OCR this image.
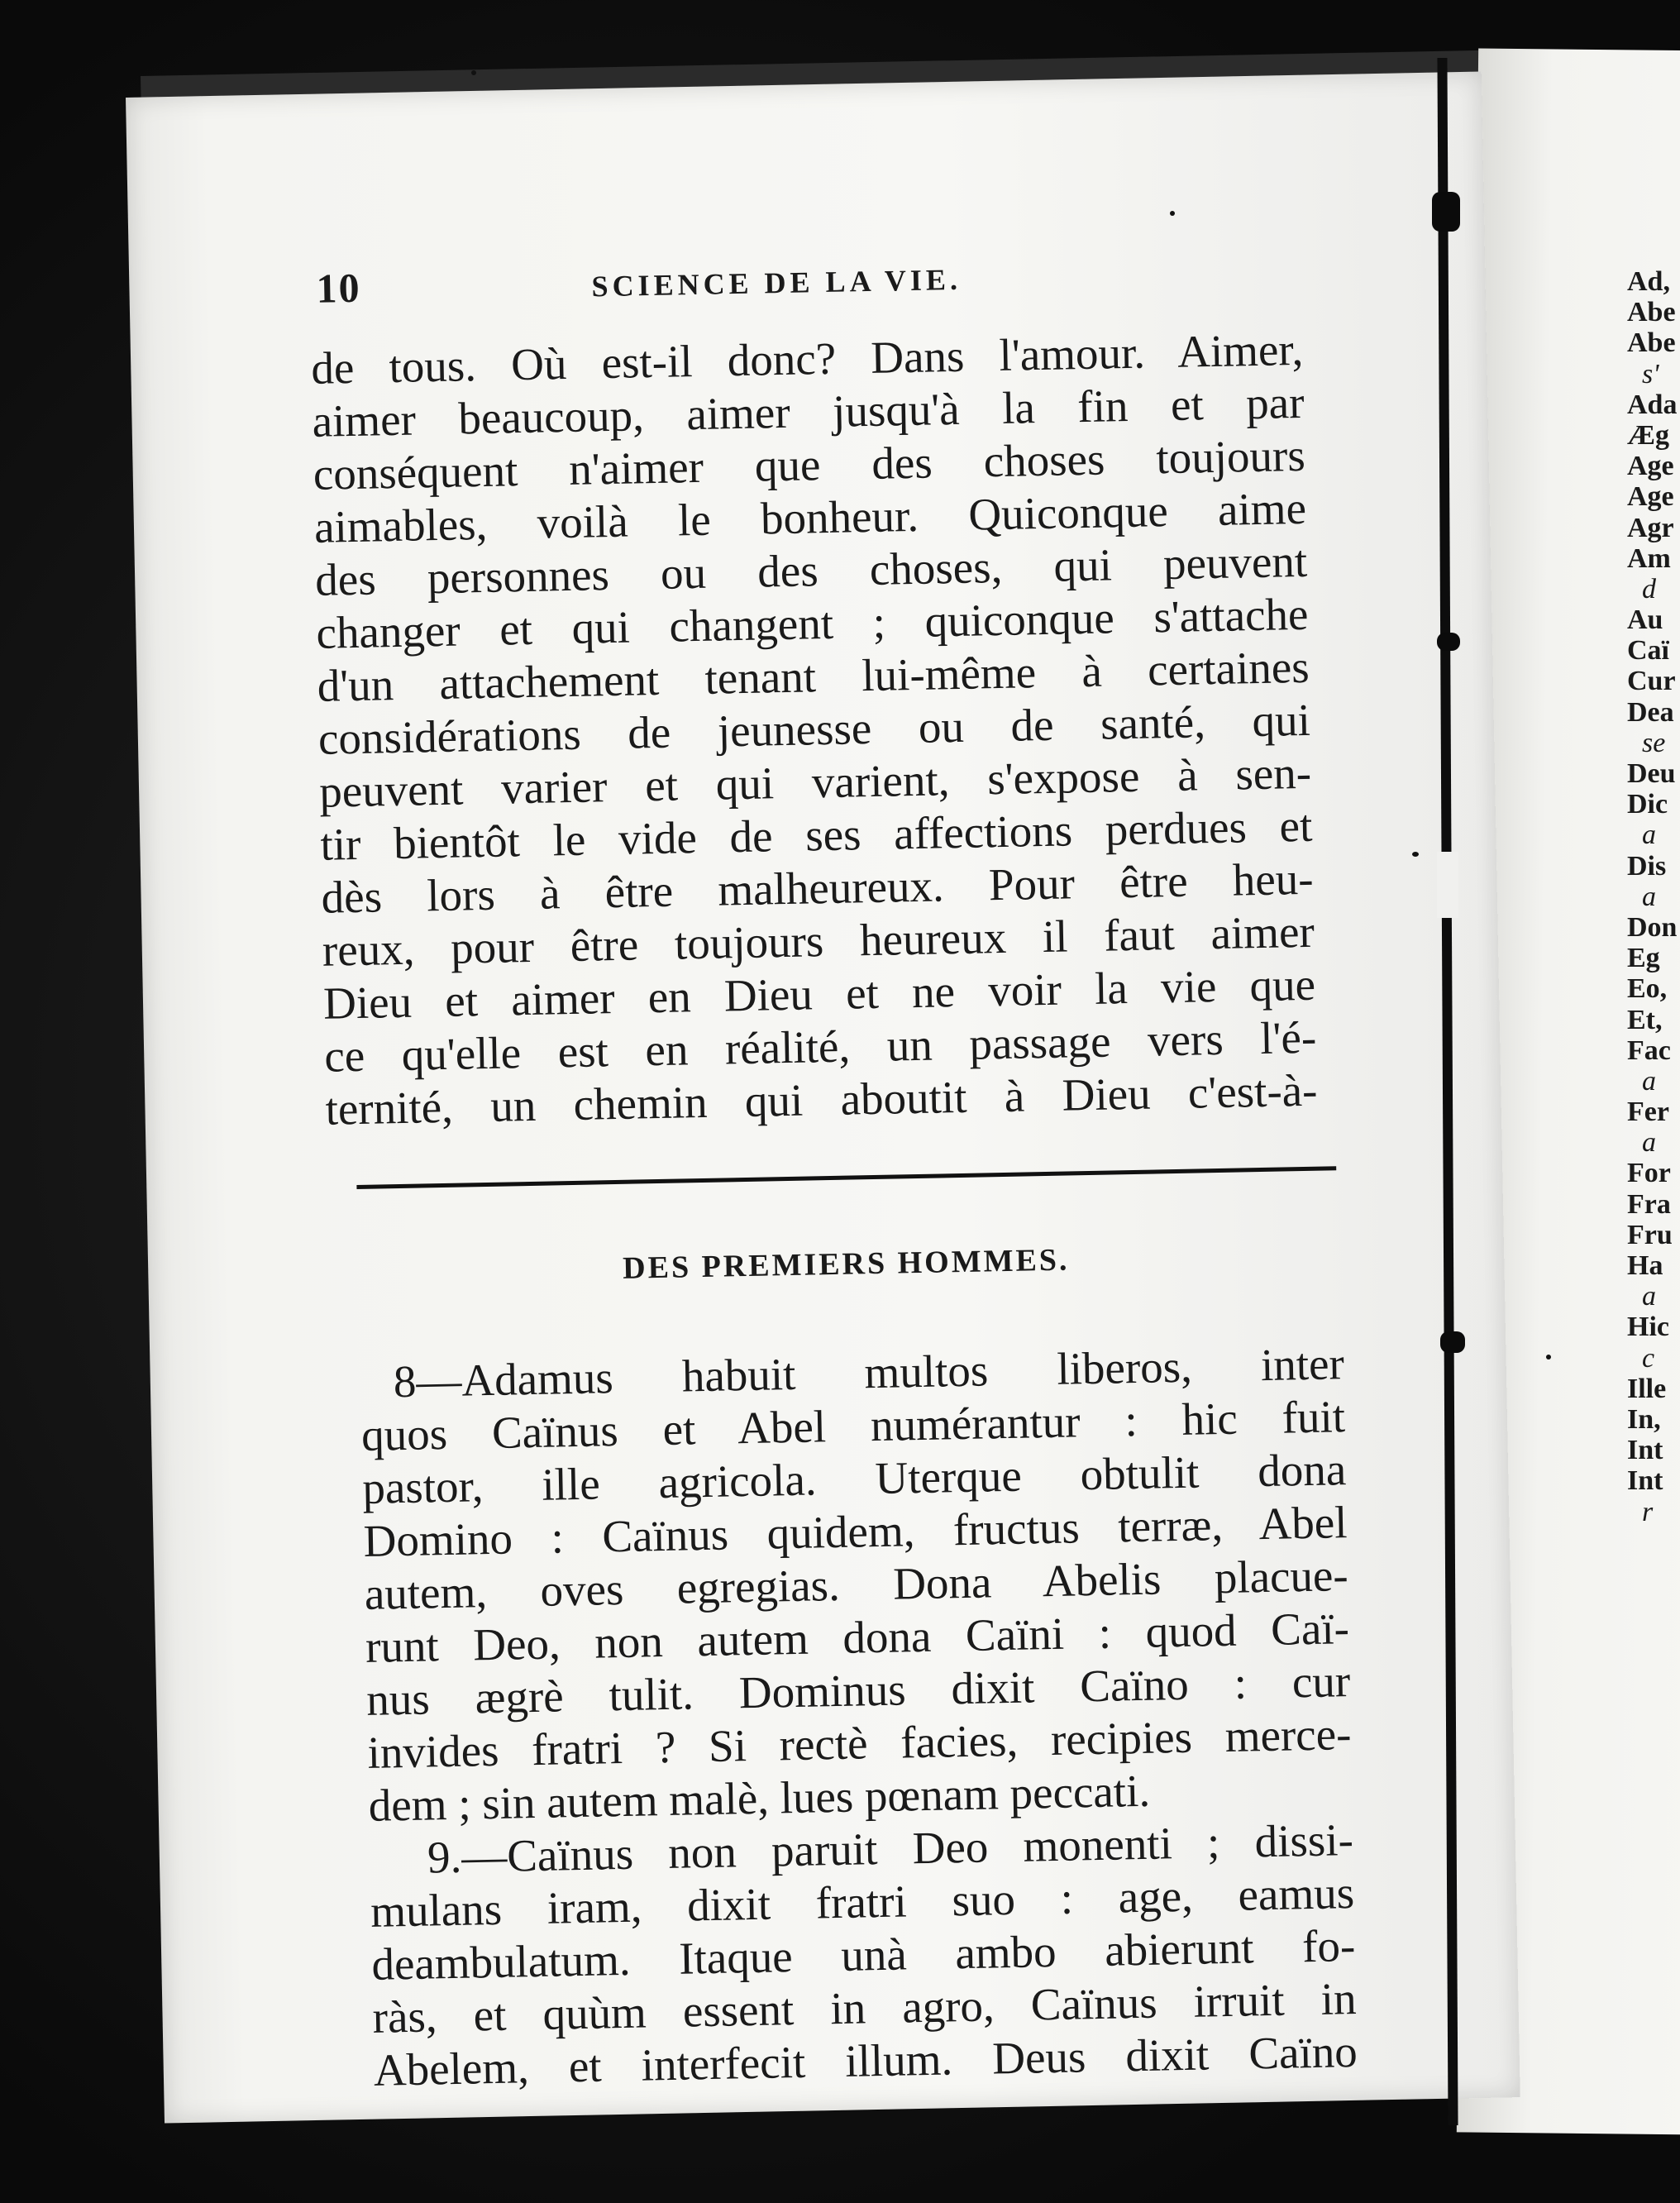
Ad,
Abe
Abe
s'
Ada
Æg
Age
Age
Agr
Am
d
Au
Caï
Cur
Dea
se
Deu
Dic
a
Dis
a
Don
Eg
Eo,
Et,
Fac
a
Fer
a
For
Fra
Fru
Ha
a
Hic
c
Ille
In,
Int
Int
r
10	SCIENCE DE LA VIE.
de tous. Où est-il donc? Dans l'amour. Aimer,
aimer beaucoup, aimer jusqu'à la fin et par
conséquent n'aimer que des choses toujours
aimables, voilà le bonheur. Quiconque aime
des personnes ou des choses, qui peuvent
changer et qui changent ; quiconque s'attache
d'un attachement tenant lui-même à certaines
considérations de jeunesse ou de santé, qui
peuvent varier et qui varient, s'expose à sen-
tir bientôt le vide de ses affections perdues et
dès lors à être malheureux. Pour être heu-
reux, pour être toujours heureux il faut aimer
Dieu et aimer en Dieu et ne voir la vie que
ce qu'elle est en réalité, un passage vers l'é-
ternité, un chemin qui aboutit à Dieu c'est-à-
DES PREMIERS HOMMES.
8—Adamus habuit multos liberos, inter
quos Caïnus et Abel numérantur : hic fuit
pastor, ille agricola. Uterque obtulit dona
Domino : Caïnus quidem, fructus terræ, Abel
autem, oves egregias. Dona Abelis placue-
runt Deo, non autem dona Caïni : quod Caï-
nus ægrè tulit. Dominus dixit Caïno : cur
invides fratri ? Si rectè facies, recipies merce-
dem ; sin autem malè, lues pœnam peccati.
9.—Caïnus non paruit Deo monenti ; dissi-
mulans iram, dixit fratri suo : age, eamus
deambulatum. Itaque unà ambo abierunt fo-
ràs, et quùm essent in agro, Caïnus irruit in
Abelem, et interfecit illum. Deus dixit Caïno
